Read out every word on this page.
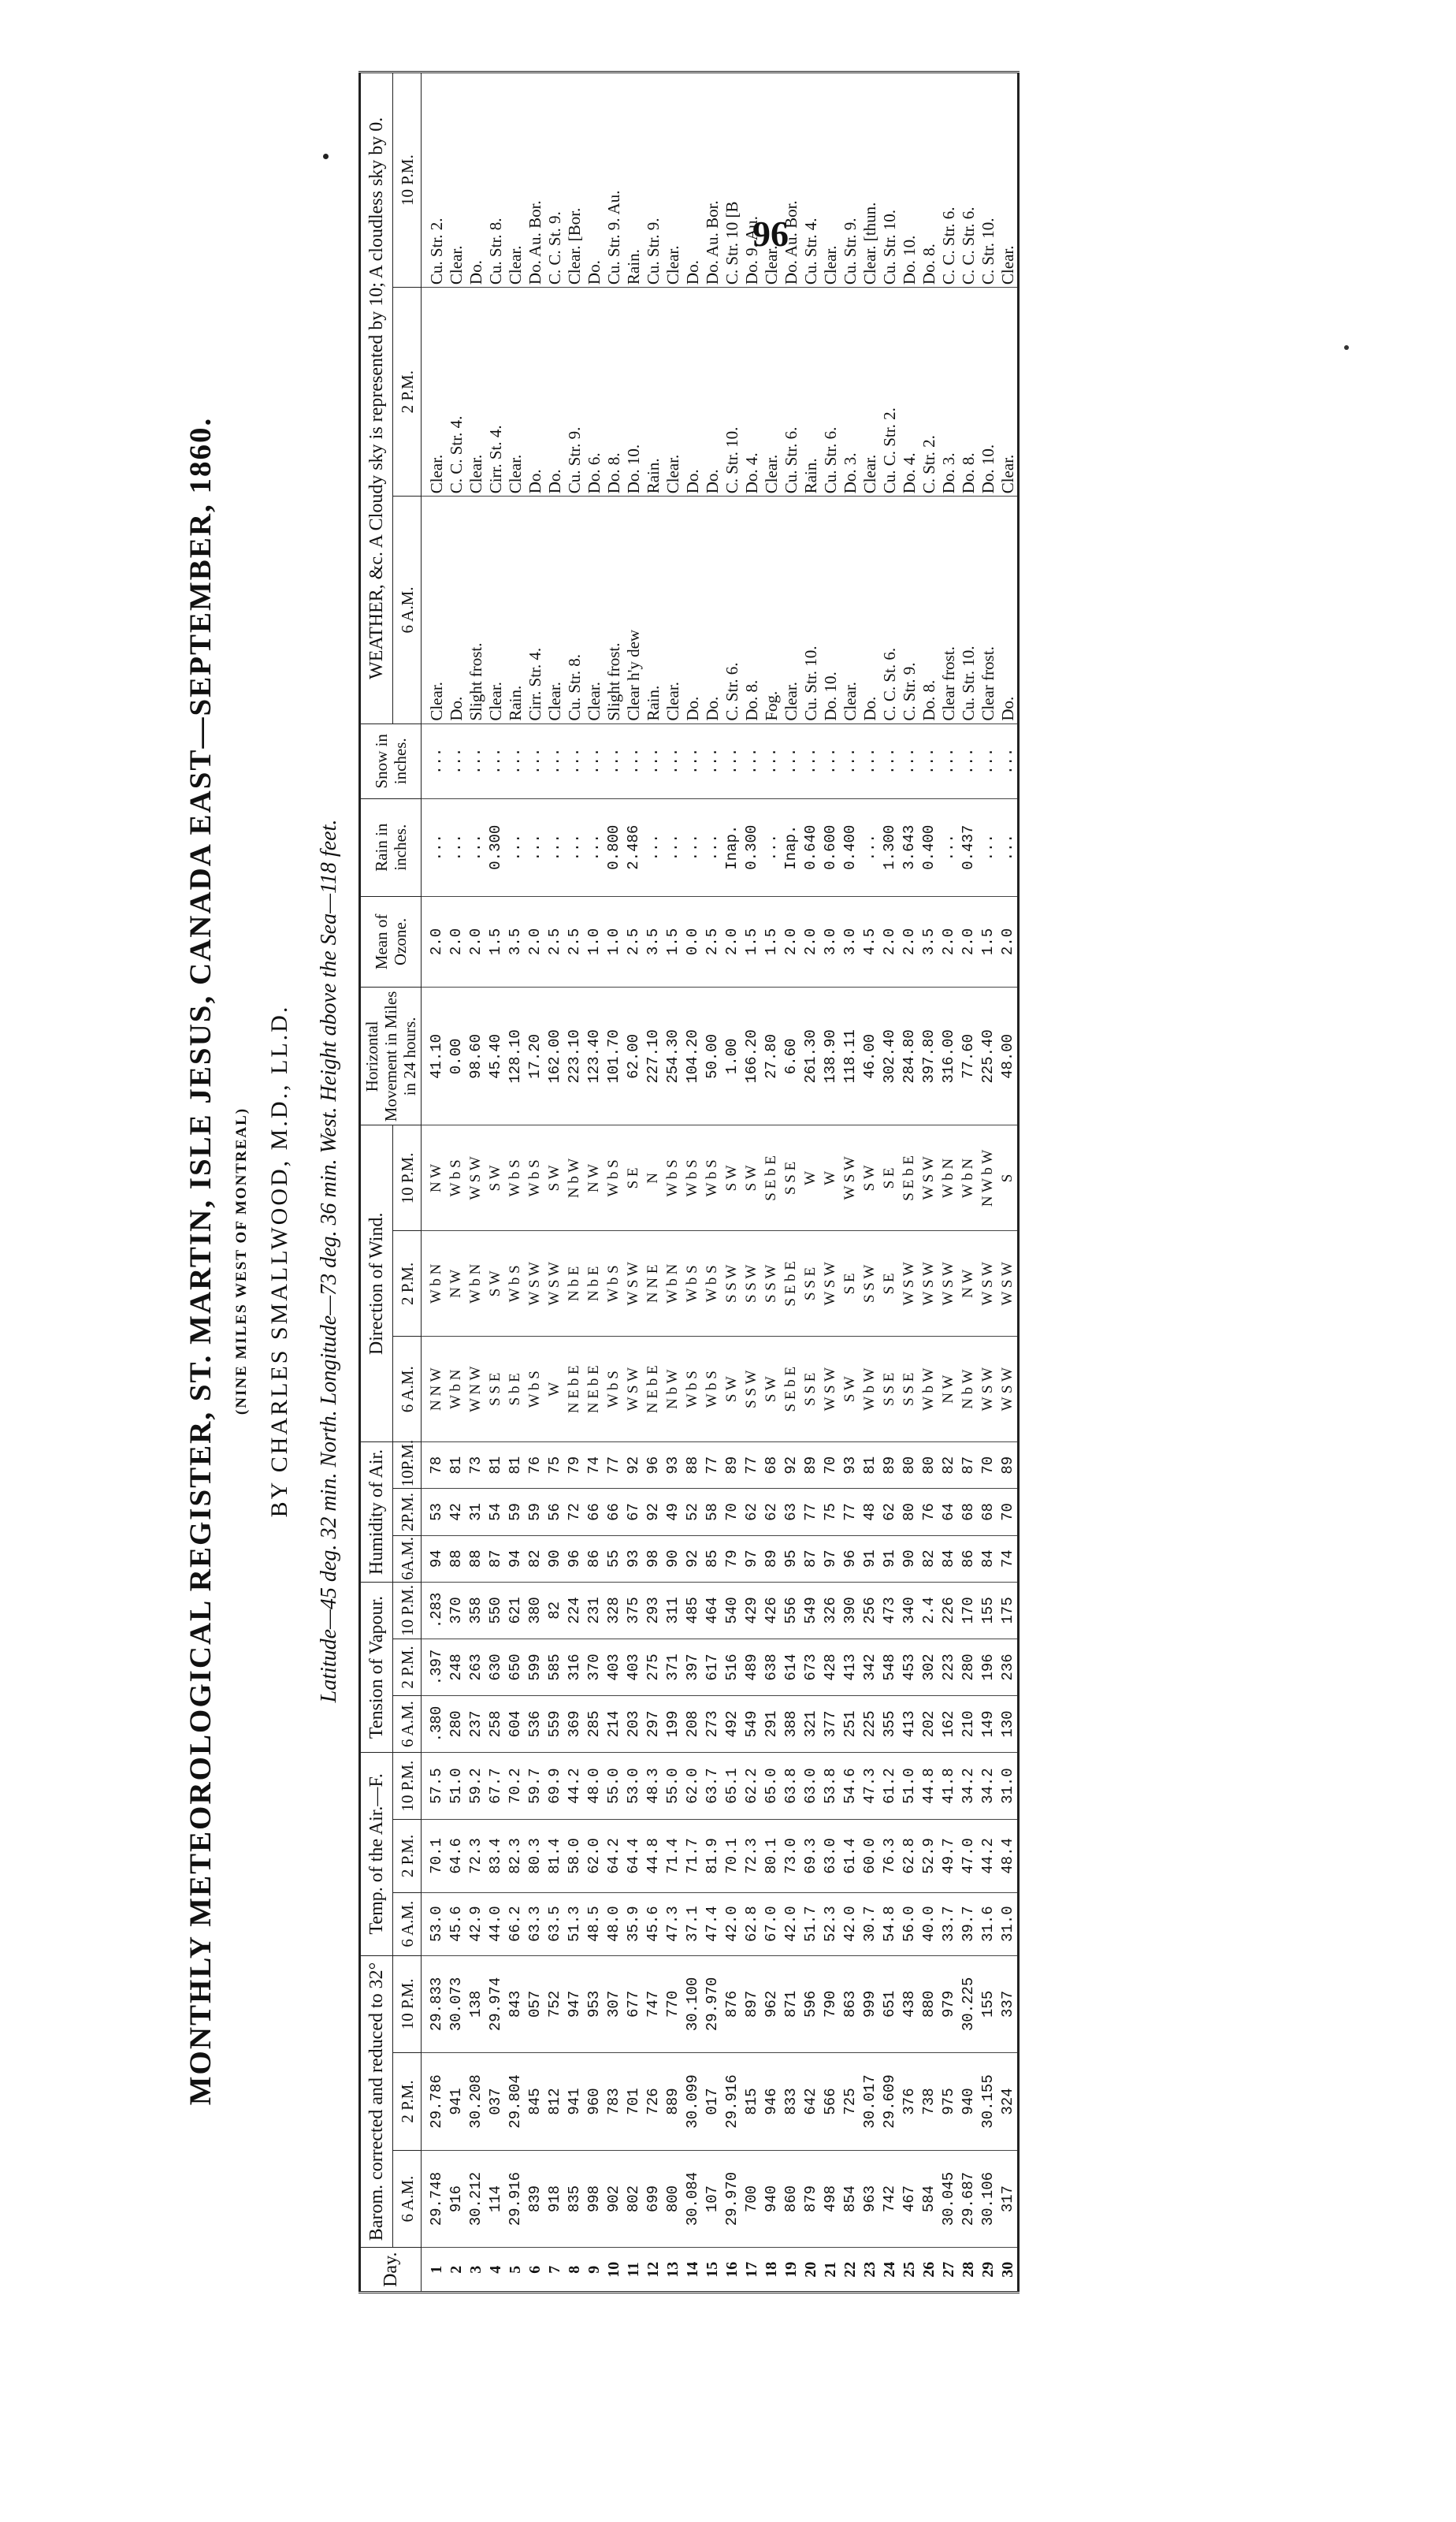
96
MONTHLY METEOROLOGICAL REGISTER, ST. MARTIN, ISLE JESUS, CANADA EAST—SEPTEMBER, 1860. (NINE MILES WEST OF MONTREAL) BY CHARLES SMALLWOOD, M.D., LL.D. Latitude—45 deg. 32 min. North. Longitude—73 deg. 36 min. West. Height above the Sea—118 feet.
Day.	Barom. corrected and reduced to 32°			Temp. of the Air.—F.			Tension of Vapour.			Humidity of Air.			Direction of Wind.			Horizontal Movement in Miles in 24 hours.	Mean of Ozone.	Rain in inches.	Snow in inches.	WEATHER, &c. A Cloudy sky is represented by 10; A cloudless sky by 0.		
	6 A.M.	2 P.M.	10 P.M.	6 A.M.	2 P.M.	10 P.M.	6 A.M.	2 P.M.	10 P.M.	6A.M.	2P.M.	10P.M.	6 A.M.	2 P.M.	10 P.M.					6 A.M.	2 P.M.	10 P.M.
1	29.748	29.786	29.833	53.0	70.1	57.5	.380	.397	.283	94	53	78	N N W	W b N	N W	41.10	2.0	...	...	Clear.	Clear.	Cu. Str. 2.
2	916	941	30.073	45.6	64.6	51.0	280	248	370	88	42	81	W b N	N W	W b S	0.00	2.0	...	...	Do.	C. C. Str. 4.	Clear.
3	30.212	30.208	138	42.9	72.3	59.2	237	263	358	88	31	73	W N W	W b N	W S W	98.60	2.0	...	...	Slight frost.	Clear.	Do.
4	114	037	29.974	44.0	83.4	67.7	258	630	550	87	54	81	S S E	S W	S W	45.40	1.5	0.300	...	Clear.	Cirr. St. 4.	Cu. Str. 8.
5	29.916	29.804	843	66.2	82.3	70.2	604	650	621	94	59	81	S b E	W b S	W b S	128.10	3.5	...	...	Rain.	Clear.	Clear.
6	839	845	057	63.3	80.3	59.7	536	599	380	82	59	76	W b S	W S W	W b S	17.20	2.0	...	...	Cirr. Str. 4.	Do.	Do. Au. Bor.
7	918	812	752	63.5	81.4	69.9	559	585	82	90	56	75	W	W S W	S W	162.00	2.5	...	...	Clear.	Do.	C. C. St. 9.
8	835	941	947	51.3	58.0	44.2	369	316	224	96	72	79	N E b E	N b E	N b W	223.10	2.5	...	...	Cu. Str. 8.	Cu. Str. 9.	Clear. [Bor.
9	998	960	953	48.5	62.0	48.0	285	370	231	86	66	74	N E b E	N b E	N W	123.40	1.0	...	...	Clear.	Do. 6.	Do.
10	902	783	307	48.0	64.2	55.0	214	403	328	55	66	77	W b S	W b S	W b S	101.70	1.0	0.800	...	Slight frost.	Do. 8.	Cu. Str. 9. Au.
11	802	701	677	35.9	64.4	53.0	203	403	375	93	67	92	W S W	W S W	S E	62.00	2.5	2.486	...	Clear h'y dew	Do. 10.	Rain.
12	699	726	747	45.6	44.8	48.3	297	275	293	98	92	96	N E b E	N N E	N	227.10	3.5	...	...	Rain.	Rain.	Cu. Str. 9.
13	800	889	770	47.3	71.4	55.0	199	371	311	90	49	93	N b W	W b N	W b S	254.30	1.5	...	...	Clear.	Clear.	Clear.
14	30.084	30.099	30.100	37.1	71.7	62.0	208	397	485	92	52	88	W b S	W b S	W b S	104.20	0.0	...	...	Do.	Do.	Do.
15	107	017	29.970	47.4	81.9	63.7	273	617	464	85	58	77	W b S	W b S	W b S	50.00	2.5	...	...	Do.	Do.	Do. Au. Bor.
16	29.970	29.916	876	42.0	70.1	65.1	492	516	540	79	70	89	S W	S S W	S W	1.00	2.0	Inap.	...	C. Str. 6.	C. Str. 10.	C. Str. 10 [B
17	700	815	897	62.8	72.3	62.2	549	489	429	97	62	77	S S W	S S W	S W	166.20	1.5	0.300	...	Do. 8.	Do. 4.	Do. 9. Au.
18	940	946	962	67.0	80.1	65.0	291	638	426	89	62	68	S W	S S W	S E b E	27.80	1.5	...	...	Fog.	Clear.	Clear.
19	860	833	871	42.0	73.0	63.8	388	614	556	95	63	92	S E b E	S E b E	S S E	6.60	2.0	Inap.	...	Clear.	Cu. Str. 6.	Do. Au. Bor.
20	879	642	596	51.7	69.3	63.0	321	673	549	87	77	89	S S E	S S E	W	261.30	2.0	0.640	...	Cu. Str. 10.	Rain.	Cu. Str. 4.
21	498	566	790	52.3	63.0	53.8	377	428	326	97	75	70	W S W	W S W	W	138.90	3.0	0.600	...	Do. 10.	Cu. Str. 6.	Clear.
22	854	725	863	42.0	61.4	54.6	251	413	390	96	77	93	S W	S E	W S W	118.11	3.0	0.400	...	Clear.	Do. 3.	Cu. Str. 9.
23	963	30.017	999	30.7	60.0	47.3	225	342	256	91	48	81	W b W	S S W	S W	46.00	4.5	...	...	Do.	Clear.	Clear. [thun.
24	742	29.609	651	54.8	76.3	61.2	355	548	473	91	62	89	S S E	S E	S E	302.40	2.0	1.300	...	C. C. St. 6.	Cu. C. Str. 2.	Cu. Str. 10.
25	467	376	438	56.0	62.8	51.0	413	453	340	90	80	80	S S E	W S W	S E b E	284.80	2.0	3.643	...	C. Str. 9.	Do. 4.	Do. 10.
26	584	738	880	40.0	52.9	44.8	202	302	2.4	82	76	80	W b W	W S W	W S W	397.80	3.5	0.400	...	Do. 8.	C. Str. 2.	Do. 8.
27	30.045	975	979	33.7	49.7	41.8	162	223	226	84	64	82	N W	W S W	W b N	316.00	2.0	...	...	Clear frost.	Do. 3.	C. C. Str. 6.
28	29.687	940	30.225	39.7	47.0	34.2	210	280	170	86	68	87	N b W	N W	W b N	77.60	2.0	0.437	...	Cu. Str. 10.	Do. 8.	C. C. Str. 6.
29	30.106	30.155	155	31.6	44.2	34.2	149	196	155	84	68	70	W S W	W S W	N W b W	225.40	1.5	...	...	Clear frost.	Do. 10.	C. Str. 10.
30	317	324	337	31.0	48.4	31.0	130	236	175	74	70	89	W S W	W S W	S	48.00	2.0	...	...	Do.	Clear.	Clear.
